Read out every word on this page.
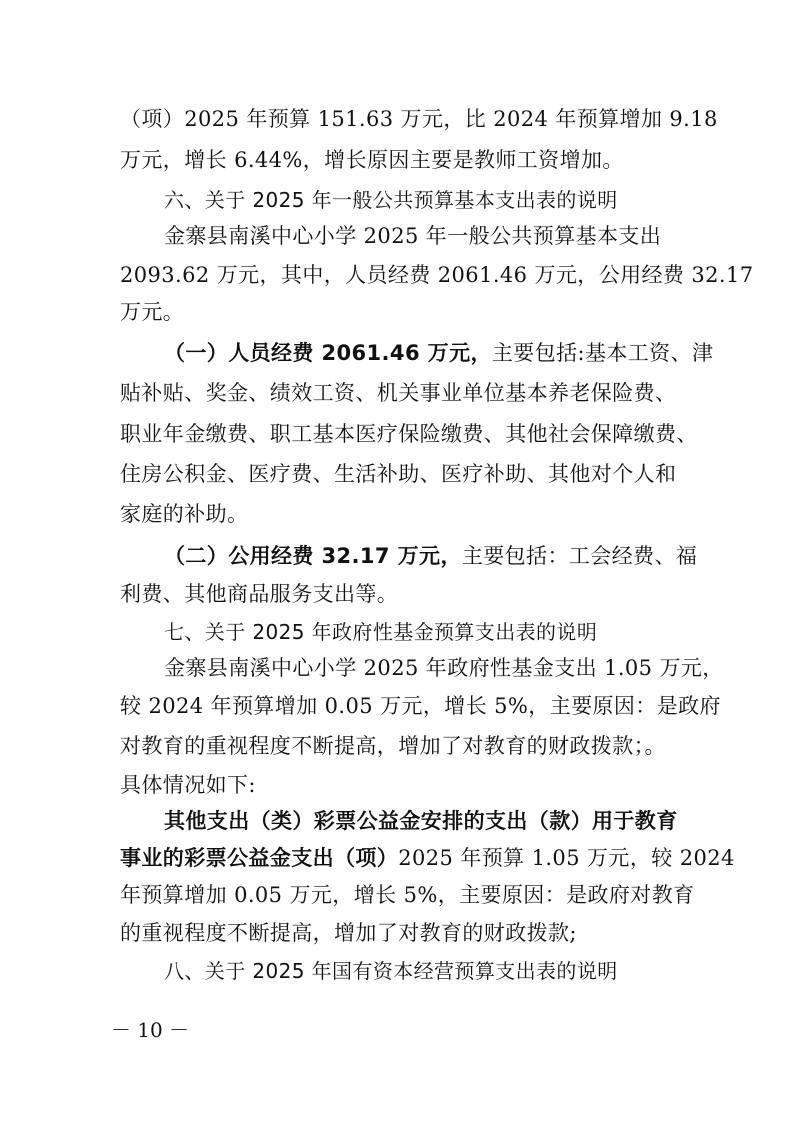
（项）2025 年预算 151.63 万元，比 2024 年预算增加 9.18
万元，增长 6.44%，增长原因主要是教师工资增加。
六、关于 2025 年一般公共预算基本支出表的说明
金寨县南溪中心小学 2025 年一般公共预算基本支出
2093.62 万元，其中，人员经费 2061.46 万元，公用经费 32.17
万元。
（一）人员经费 2061.46 万元，主要包括:基本工资、津
贴补贴、奖金、绩效工资、机关事业单位基本养老保险费、
职业年金缴费、职工基本医疗保险缴费、其他社会保障缴费、
住房公积金、医疗费、生活补助、医疗补助、其他对个人和
家庭的补助。
（二）公用经费 32.17 万元，主要包括：工会经费、福
利费、其他商品服务支出等。
七、关于 2025 年政府性基金预算支出表的说明
金寨县南溪中心小学 2025 年政府性基金支出 1.05 万元，
较 2024 年预算增加 0.05 万元，增长 5%，主要原因：是政府
对教育的重视程度不断提高，增加了对教育的财政拨款；。
具体情况如下:
其他支出（类）彩票公益金安排的支出（款）用于教育
事业的彩票公益金支出（项）2025 年预算 1.05 万元，较 2024
年预算增加 0.05 万元，增长 5%，主要原因：是政府对教育
的重视程度不断提高，增加了对教育的财政拨款;
八、关于 2025 年国有资本经营预算支出表的说明
－ 10 －
